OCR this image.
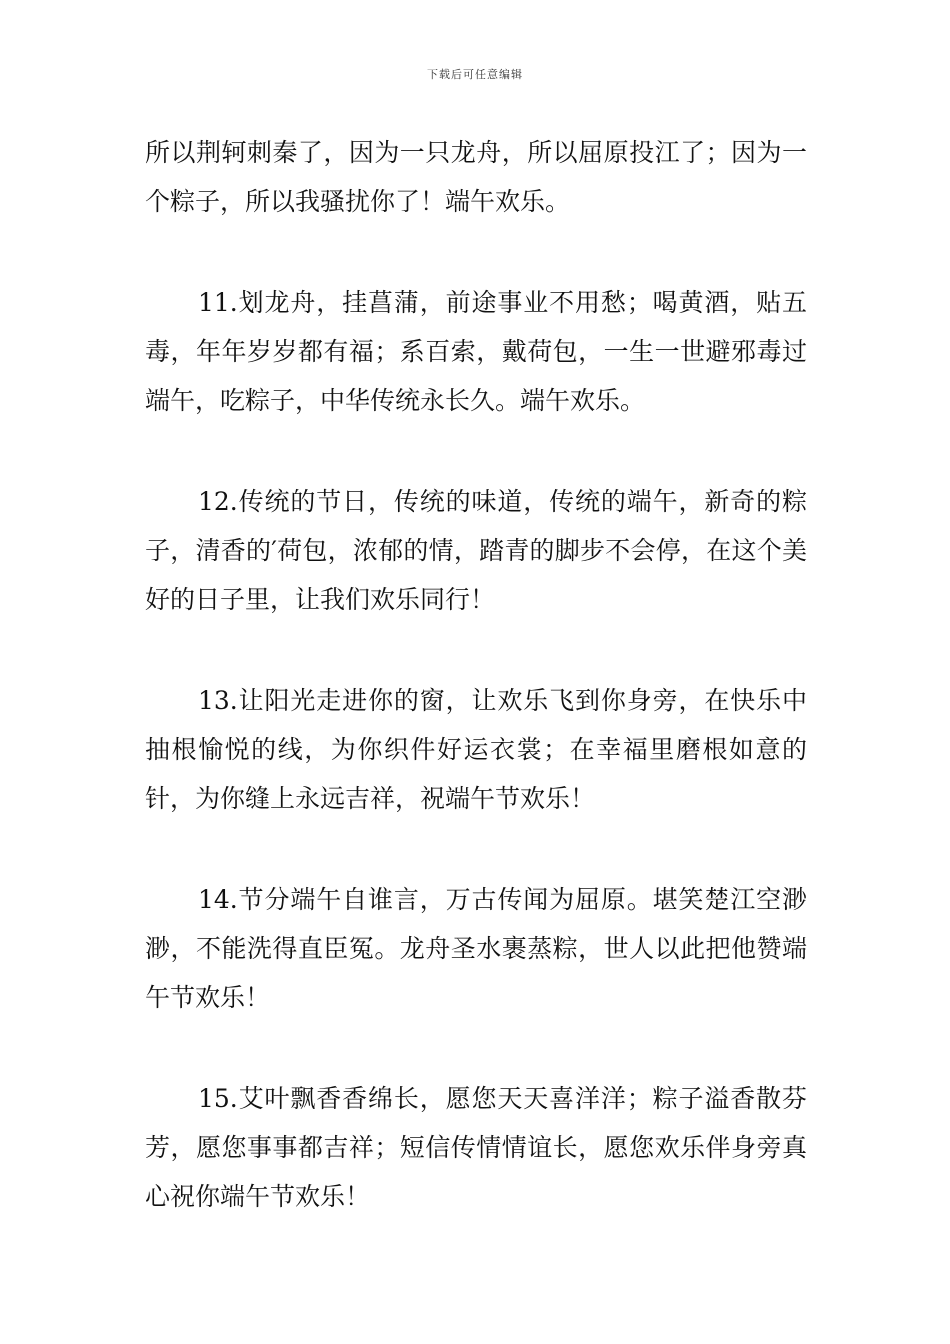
下载后可任意编辑

所以荆轲刺秦了，因为一只龙舟，所以屈原投江了；因为一个粽子，所以我骚扰你了！端午欢乐。

11.划龙舟，挂菖蒲，前途事业不用愁；喝黄酒，贴五毒，年年岁岁都有福；系百索，戴荷包，一生一世避邪毒过端午，吃粽子，中华传统永长久。端午欢乐。

12.传统的节日，传统的味道，传统的端午，新奇的粽子，清香的′荷包，浓郁的情，踏青的脚步不会停，在这个美好的日子里，让我们欢乐同行！

13.让阳光走进你的窗，让欢乐飞到你身旁，在快乐中抽根愉悦的线，为你织件好运衣裳；在幸福里磨根如意的针，为你缝上永远吉祥，祝端午节欢乐！

14.节分端午自谁言，万古传闻为屈原。堪笑楚江空渺渺，不能洗得直臣冤。龙舟圣水裹蒸粽，世人以此把他赞端午节欢乐！

15.艾叶飘香香绵长，愿您天天喜洋洋；粽子溢香散芬芳，愿您事事都吉祥；短信传情情谊长，愿您欢乐伴身旁真心祝你端午节欢乐！
